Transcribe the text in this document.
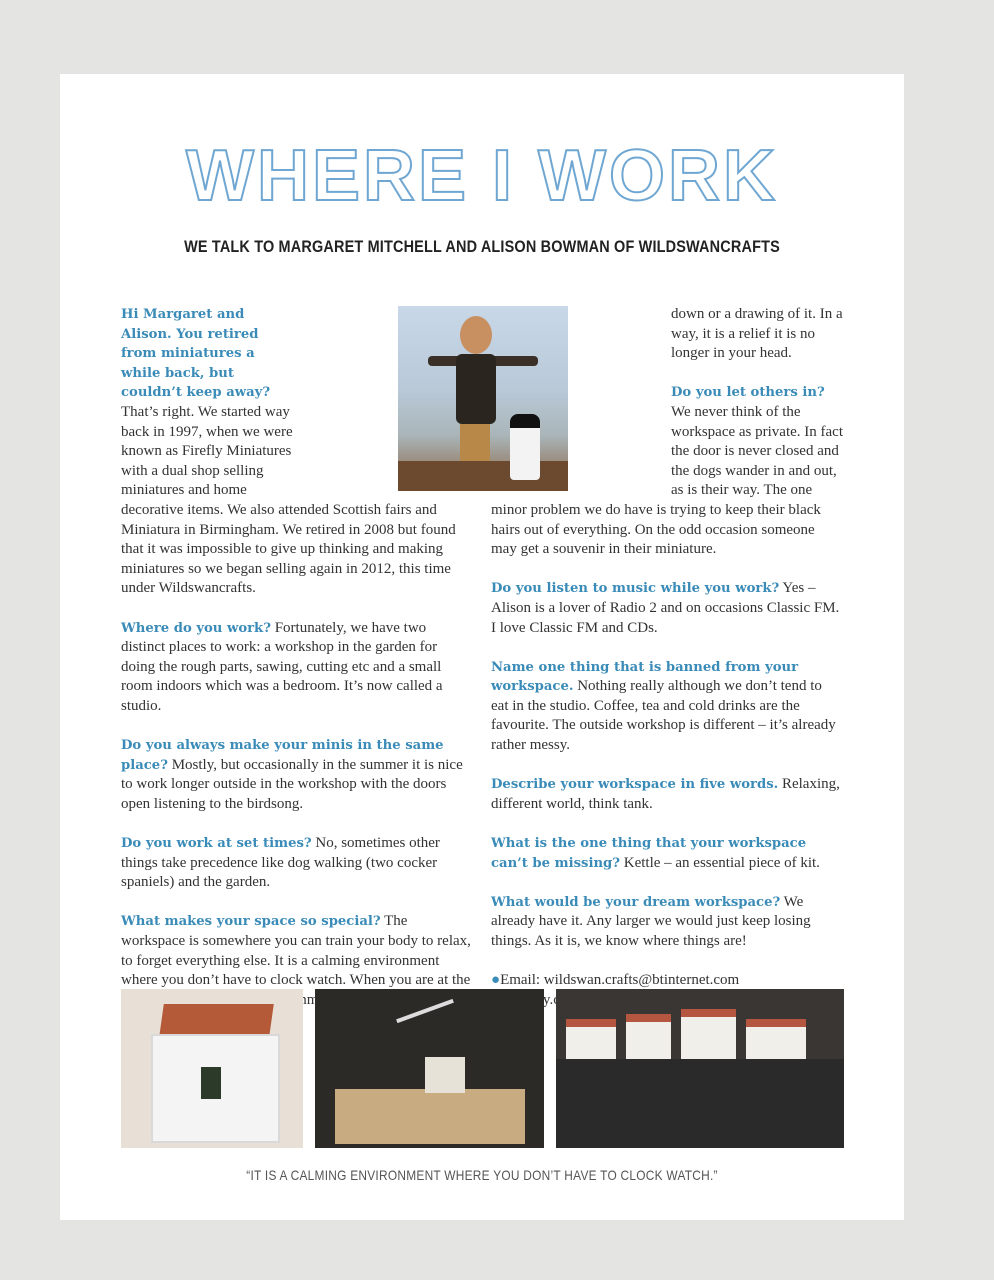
WHERE I WORK
WE TALK TO MARGARET MITCHELL AND ALISON BOWMAN OF WILDSWANCRAFTS

Hi Margaret and Alison. You retired from miniatures a while back, but couldn’t keep away? That’s right. We started way back in 1997, when we were known as Firefly Miniatures with a dual shop selling miniatures and home decorative items. We also attended Scottish fairs and Miniatura in Birmingham. We retired in 2008 but found that it was impossible to give up thinking and making miniatures so we began selling again in 2012, this time under Wildswancrafts.

Where do you work? Fortunately, we have two distinct places to work: a workshop in the garden for doing the rough parts, sawing, cutting etc and a small room indoors which was a bedroom. It’s now called a studio.

Do you always make your minis in the same place? Mostly, but occasionally in the summer it is nice to work longer outside in the workshop with the doors open listening to the birdsong.

Do you work at set times? No, sometimes other things take precedence like dog walking (two cocker spaniels) and the garden.

What makes your space so special? The workspace is somewhere you can train your body to relax, to forget everything else. It is a calming environment where you don’t have to clock watch. When you are at the

down or a drawing of it. In a way, it is a relief it is no longer in your head.

Do you let others in? We never think of the workspace as private. In fact the door is never closed and the dogs wander in and out, as is their way. The one minor problem we do have is trying to keep their black hairs out of everything. On the odd occasion someone may get a souvenir in their miniature.

Do you listen to music while you work? Yes – Alison is a lover of Radio 2 and on occasions Classic FM. I love Classic FM and CDs.

Name one thing that is banned from your workspace. Nothing really although we don’t tend to eat in the studio. Coffee, tea and cold drinks are the favourite. The outside workshop is different – it’s already rather messy.

Describe your workspace in five words. Relaxing, different world, think tank.

What is the one thing that your workspace can’t be missing? Kettle – an essential piece of kit.

What would be your dream workspace? We already have it. Any larger we would just keep losing things. As it is, we know where things are!

●Email: wildswan.crafts@btinternet.com

“IT IS A CALMING ENVIRONMENT WHERE YOU DON’T HAVE TO CLOCK WATCH.”
